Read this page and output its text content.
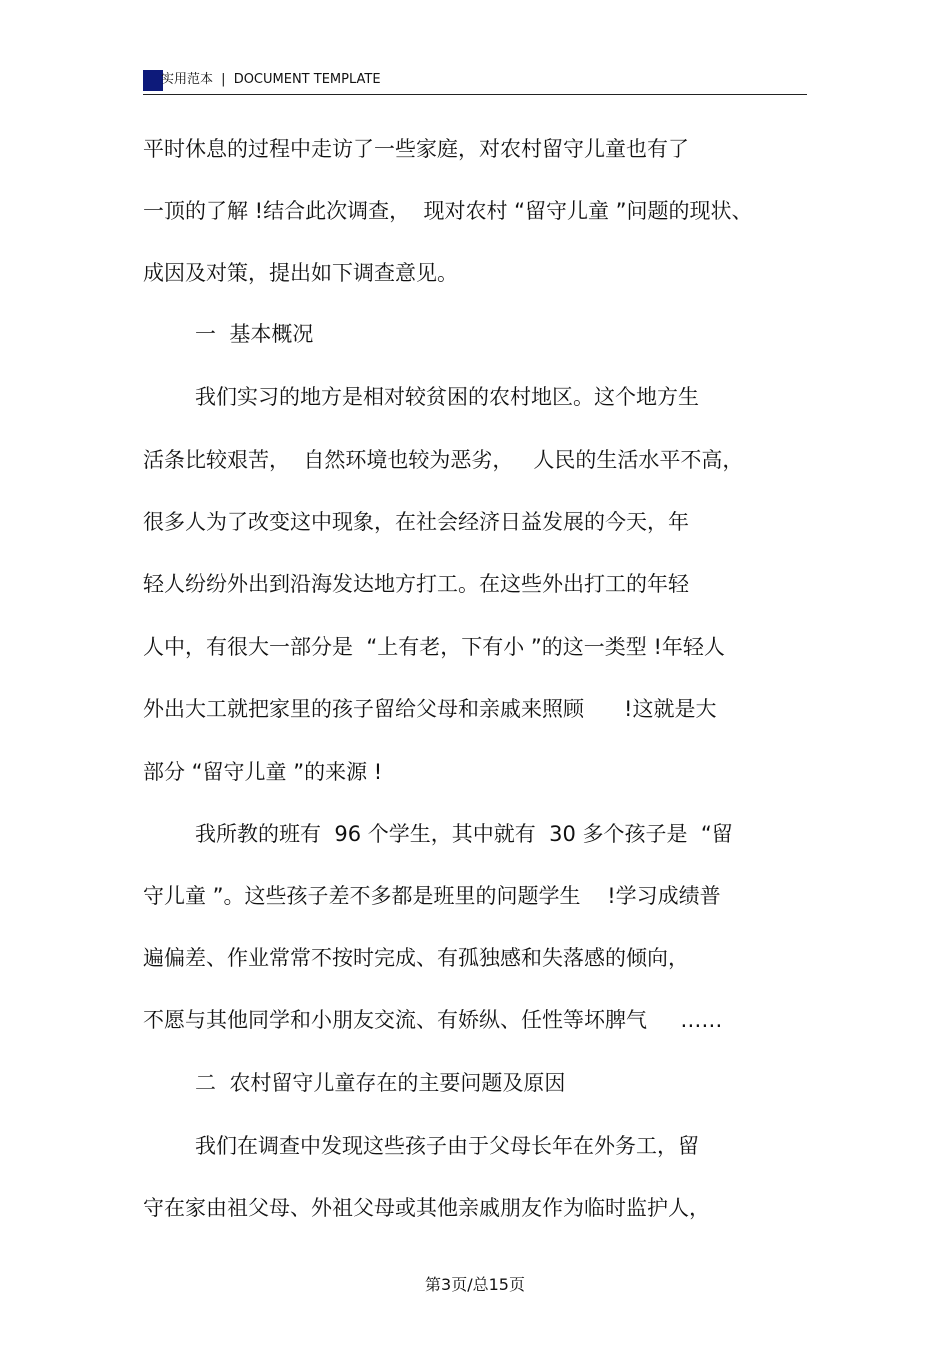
实用范本 | DOCUMENT TEMPLATE
平时休息的过程中走访了一些家庭，对农村留守儿童也有了
一顶的了解 !结合此次调查，  现对农村 “留守儿童 ”问题的现状、
成因及对策，提出如下调查意见。
一  基本概况
我们实习的地方是相对较贫困的农村地区。这个地方生
活条比较艰苦，  自然环境也较为恶劣，   人民的生活水平不高，
很多人为了改变这中现象，在社会经济日益发展的今天，年
轻人纷纷外出到沿海发达地方打工。在这些外出打工的年轻
人中，有很大一部分是  “上有老，下有小 ”的这一类型 !年轻人
外出大工就把家里的孩子留给父母和亲戚来照顾      !这就是大
部分 “留守儿童 ”的来源 !
我所教的班有  96 个学生，其中就有  30 多个孩子是  “留
守儿童 ”。这些孩子差不多都是班里的问题学生    !学习成绩普
遍偏差、作业常常不按时完成、有孤独感和失落感的倾向，
不愿与其他同学和小朋友交流、有娇纵、任性等坏脾气     ……
二  农村留守儿童存在的主要问题及原因
我们在调查中发现这些孩子由于父母长年在外务工，留
守在家由祖父母、外祖父母或其他亲戚朋友作为临时监护人，
第3页/总15页
